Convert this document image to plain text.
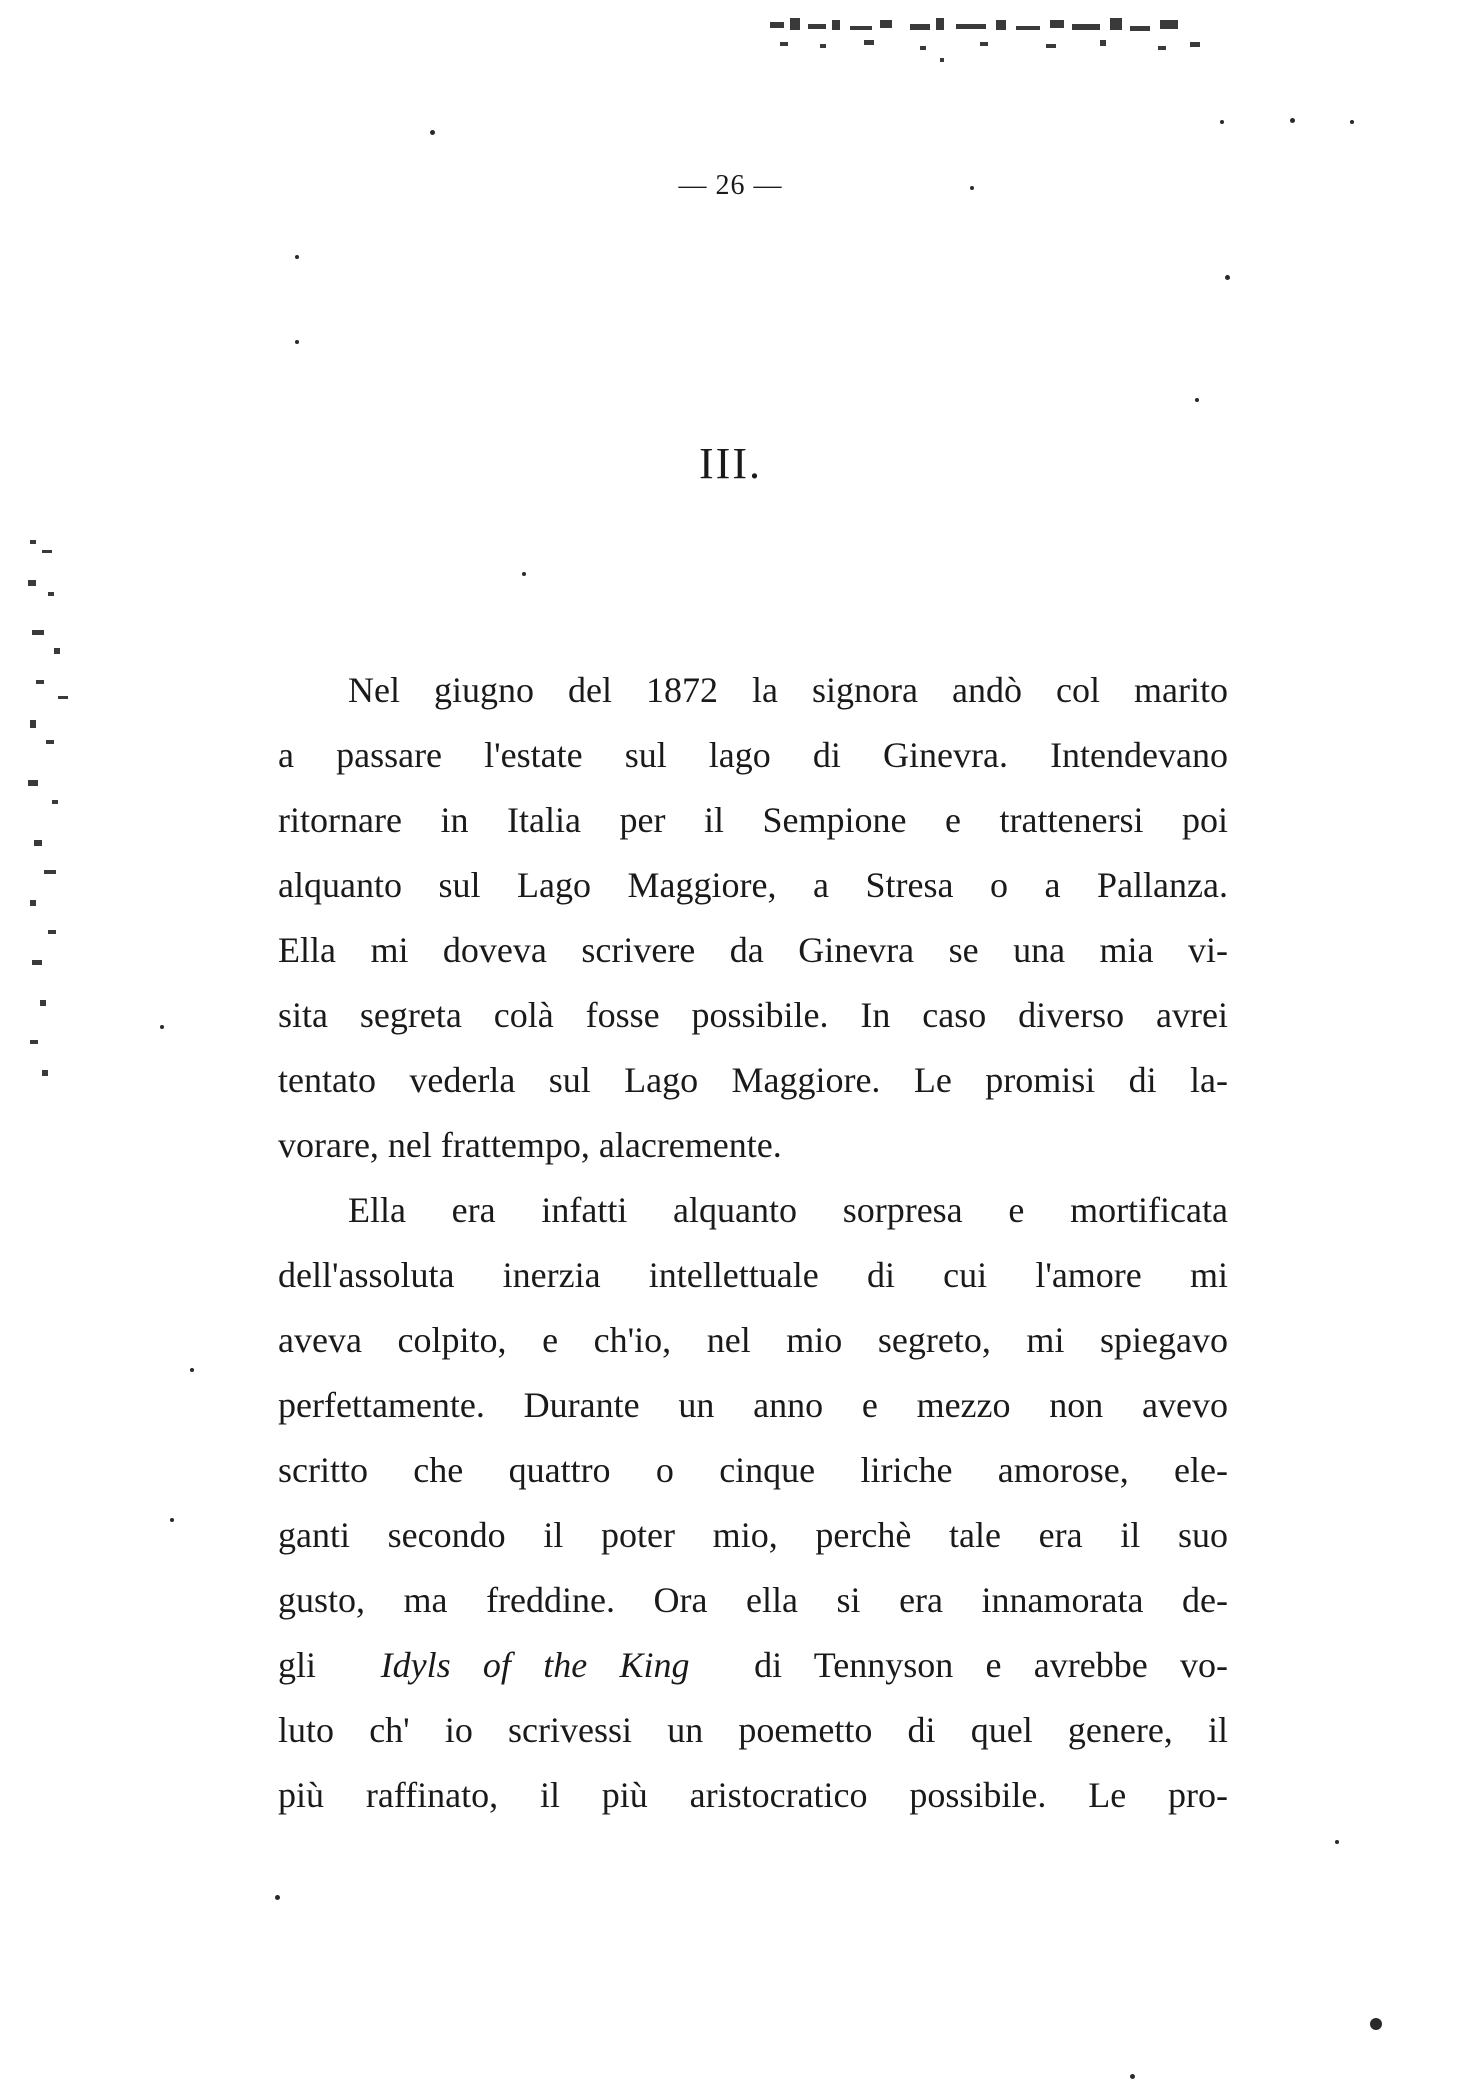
— 26 —
III.
Nel giugno del 1872 la signora andò col marito
a passare l'estate sul lago di Ginevra. Intendevano
ritornare in Italia per il Sempione e trattenersi poi
alquanto sul Lago Maggiore, a Stresa o a Pallanza.
Ella mi doveva scrivere da Ginevra se una mia vi-
sita segreta colà fosse possibile. In caso diverso avrei
tentato vederla sul Lago Maggiore. Le promisi di la-
vorare, nel frattempo, alacremente.
Ella era infatti alquanto sorpresa e mortificata
dell'assoluta inerzia intellettuale di cui l'amore mi
aveva colpito, e ch'io, nel mio segreto, mi spiegavo
perfettamente. Durante un anno e mezzo non avevo
scritto che quattro o cinque liriche amorose, ele-
ganti secondo il poter mio, perchè tale era il suo
gusto, ma freddine. Ora ella si era innamorata de-
gli Idyls of the King di Tennyson e avrebbe vo-
luto ch' io scrivessi un poemetto di quel genere, il
più raffinato, il più aristocratico possibile. Le pro-
